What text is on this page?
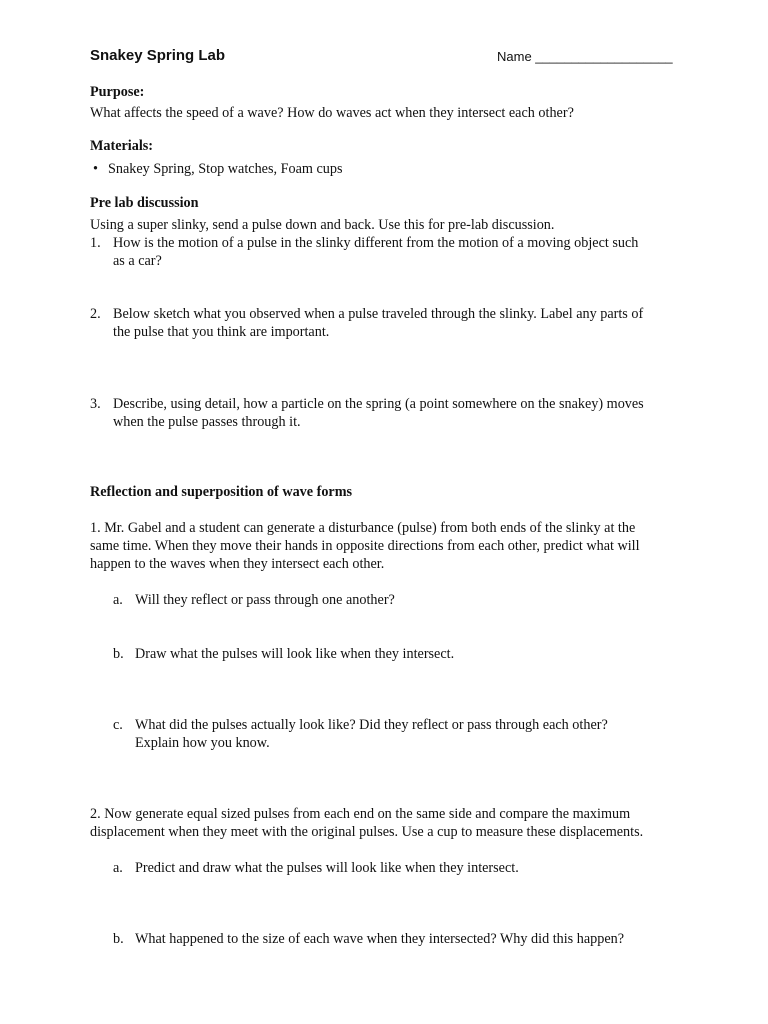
Snakey Spring Lab	Name ___________________
Purpose:
What affects the speed of a wave? How do waves act when they intersect each other?
Materials:
• Snakey Spring, Stop watches, Foam cups
Pre lab discussion
Using a super slinky, send a pulse down and back. Use this for pre-lab discussion.
1. How is the motion of a pulse in the slinky different from the motion of a moving object such
as a car?
2. Below sketch what you observed when a pulse traveled through the slinky. Label any parts of
the pulse that you think are important.
3. Describe, using detail, how a particle on the spring (a point somewhere on the snakey) moves
when the pulse passes through it.
Reflection and superposition of wave forms
1. Mr. Gabel and a student can generate a disturbance (pulse) from both ends of the slinky at the
same time. When they move their hands in opposite directions from each other, predict what will
happen to the waves when they intersect each other.
a. Will they reflect or pass through one another?
b. Draw what the pulses will look like when they intersect.
c. What did the pulses actually look like? Did they reflect or pass through each other?
Explain how you know.
2. Now generate equal sized pulses from each end on the same side and compare the maximum
displacement when they meet with the original pulses. Use a cup to measure these displacements.
a. Predict and draw what the pulses will look like when they intersect.
b. What happened to the size of each wave when they intersected? Why did this happen?
